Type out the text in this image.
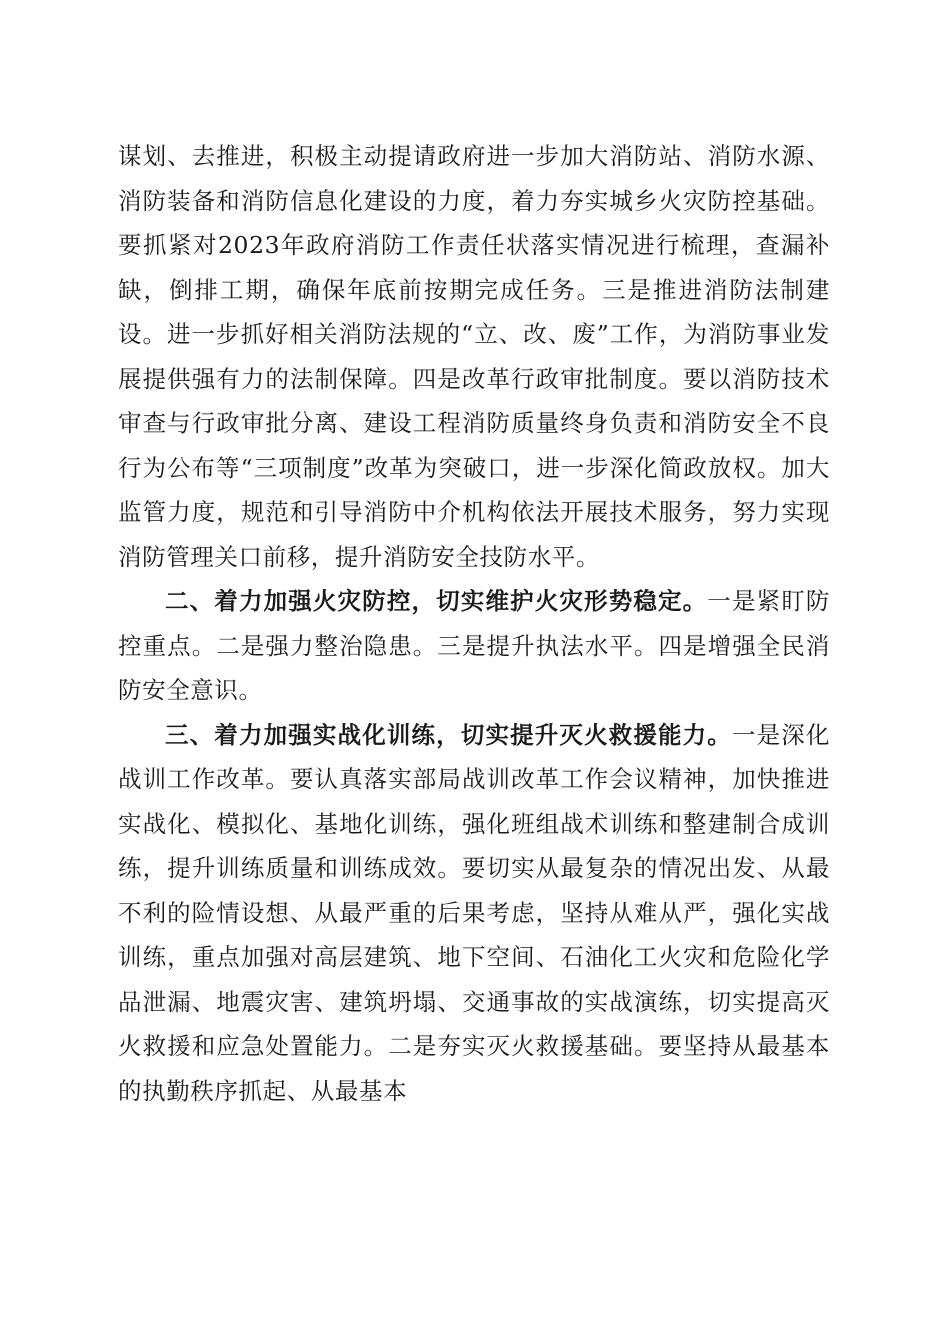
谋划、去推进，积极主动提请政府进一步加大消防站、消防水源、消防装备和消防信息化建设的力度，着力夯实城乡火灾防控基础。要抓紧对2023年政府消防工作责任状落实情况进行梳理，查漏补缺，倒排工期，确保年底前按期完成任务。三是推进消防法制建设。进一步抓好相关消防法规的“立、改、废”工作，为消防事业发展提供强有力的法制保障。四是改革行政审批制度。要以消防技术审查与行政审批分离、建设工程消防质量终身负责和消防安全不良行为公布等“三项制度”改革为突破口，进一步深化简政放权。加大监管力度，规范和引导消防中介机构依法开展技术服务，努力实现消防管理关口前移，提升消防安全技防水平。

二、着力加强火灾防控，切实维护火灾形势稳定。一是紧盯防控重点。二是强力整治隐患。三是提升执法水平。四是增强全民消防安全意识。

三、着力加强实战化训练，切实提升灭火救援能力。一是深化战训工作改革。要认真落实部局战训改革工作会议精神，加快推进实战化、模拟化、基地化训练，强化班组战术训练和整建制合成训练，提升训练质量和训练成效。要切实从最复杂的情况出发、从最不利的险情设想、从最严重的后果考虑，坚持从难从严，强化实战训练，重点加强对高层建筑、地下空间、石油化工火灾和危险化学品泄漏、地震灾害、建筑坍塌、交通事故的实战演练，切实提高灭火救援和应急处置能力。二是夯实灭火救援基础。要坚持从最基本的执勤秩序抓起、从最基本
